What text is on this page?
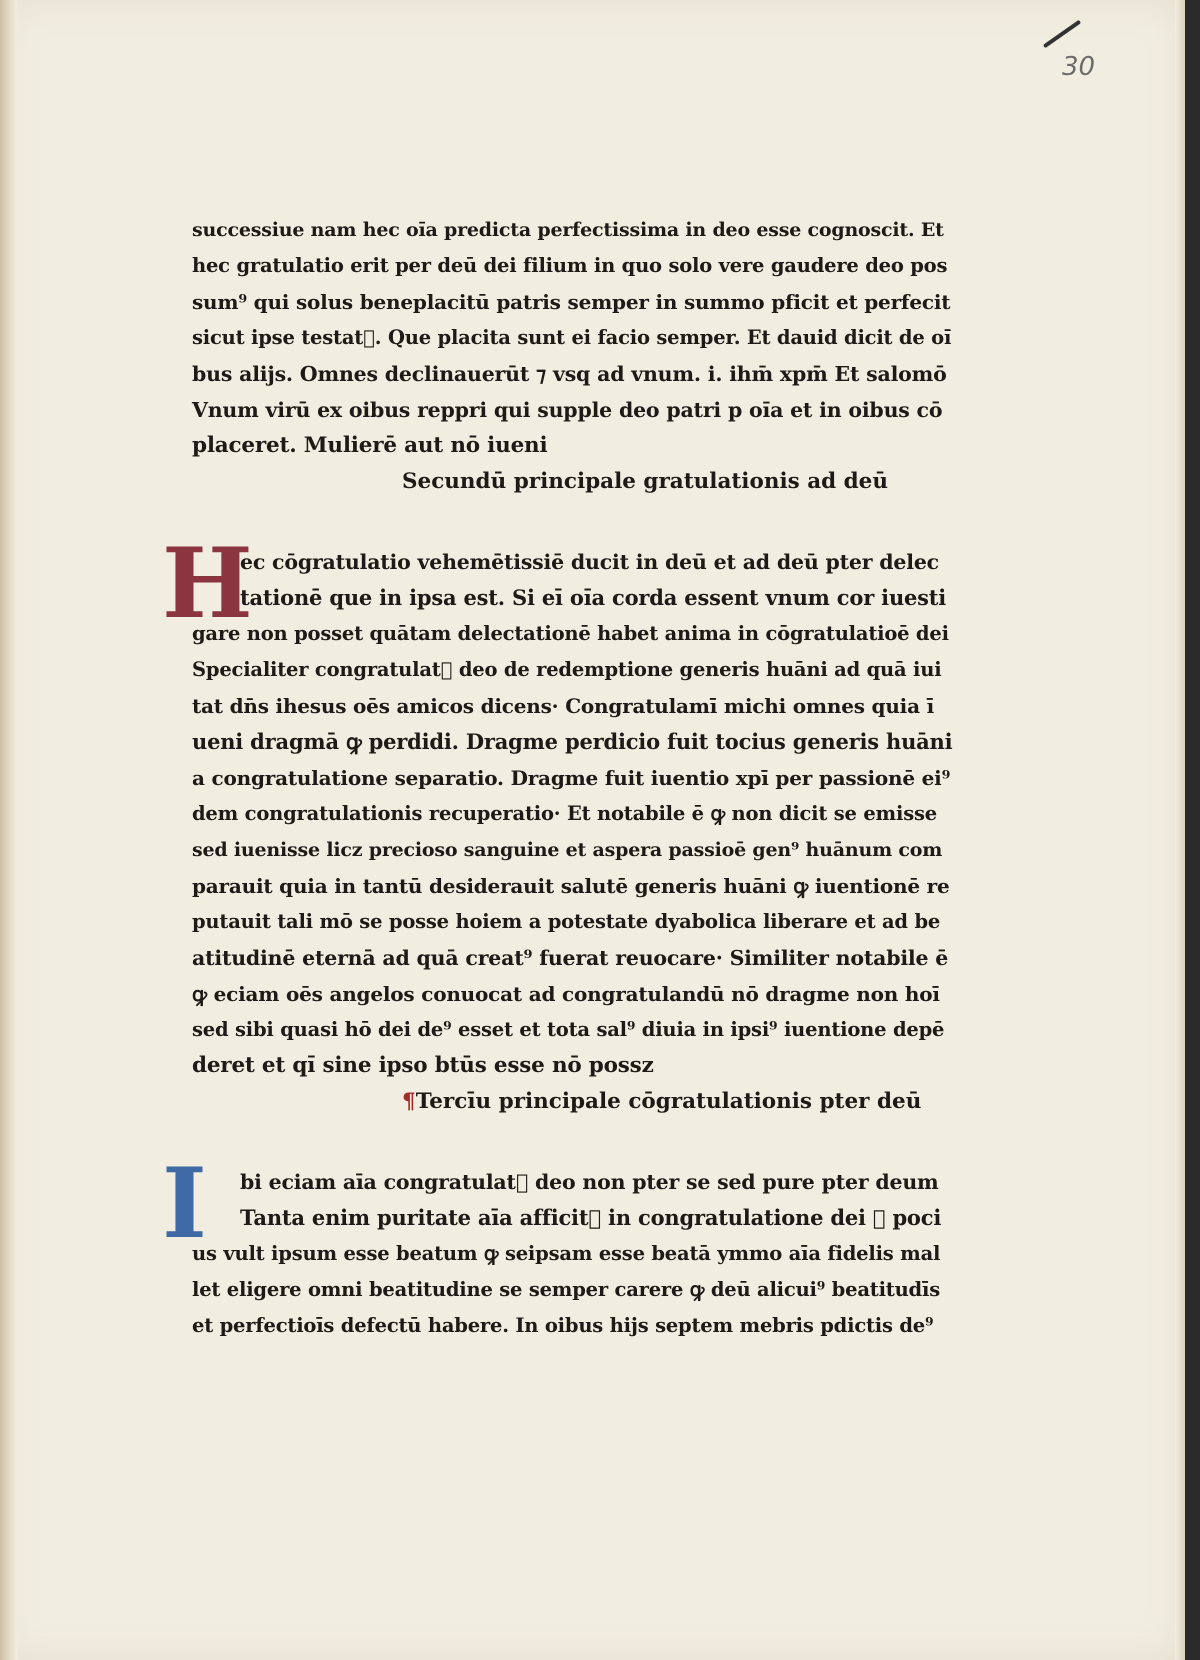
30
successiue nam hec oı̄a predicta perfectissima in deo esse cognoscit. Et
hec gratulatio erit per deū dei filium in quo solo vere gaudere deo pos
sum⁹ qui solus beneplacitū patris semper in summo pficit et perfecit
sicut ipse testat᷑. Que placita sunt ei facio semper. Et dauid dicit de oı̄
bus alijs. Omnes declinauerūt ⁊ vsq ad vnum. i. ihm̄ xpm̄ Et salomō
Vnum virū ex oibus reppri qui supple deo patri p oı̄a et in oibus cō
placeret. Mulierē aut nō iueni
Secundū principale gratulationis ad deū
H
ec cōgratulatio vehemētissiē ducit in deū et ad deū pter delec
tationē que in ipsa est. Si eī oı̄a corda essent vnum cor iuesti
gare non posset quātam delectationē habet anima in cōgratulatioē dei
Specialiter congratulat᷑ deo de redemptione generis huāni ad quā iui
tat dn̄s ihesus oēs amicos dicens· Congratulamī michi omnes quia ī
ueni dragmā ꝙ perdidi. Dragme perdicio fuit tocius generis huāni
a congratulatione separatio. Dragme fuit iuentio xpī per passionē ei⁹
dem congratulationis recuperatio· Et notabile ē ꝙ non dicit se emisse
sed iuenisse licz precioso sanguine et aspera passioē gen⁹ huānum com
parauit quia in tantū desiderauit salutē generis huāni ꝙ iuentionē re
putauit tali mō se posse hoiem a potestate dyabolica liberare et ad be
atitudinē eternā ad quā creat⁹ fuerat reuocare· Similiter notabile ē
ꝙ eciam oēs angelos conuocat ad congratulandū nō dragme non hoī
sed sibi quasi hō dei de⁹ esset et tota sal⁹ diuia in ipsi⁹ iuentione depē
deret et qı̄ sine ipso btūs esse nō possz
¶Tercīu principale cōgratulationis pter deū
I	bi eciam aīa congratulat᷑ deo non pter se sed pure pter deum
Tanta enim puritate aīa afficit᷑ in congratulatione dei ꝙ poci
us vult ipsum esse beatum ꝙ seipsam esse beatā ymmo aīa fidelis mal
let eligere omni beatitudine se semper carere ꝙ deū alicui⁹ beatitudīs
et perfectioīs defectū habere. In oibus hijs septem mebris pdictis de⁹
